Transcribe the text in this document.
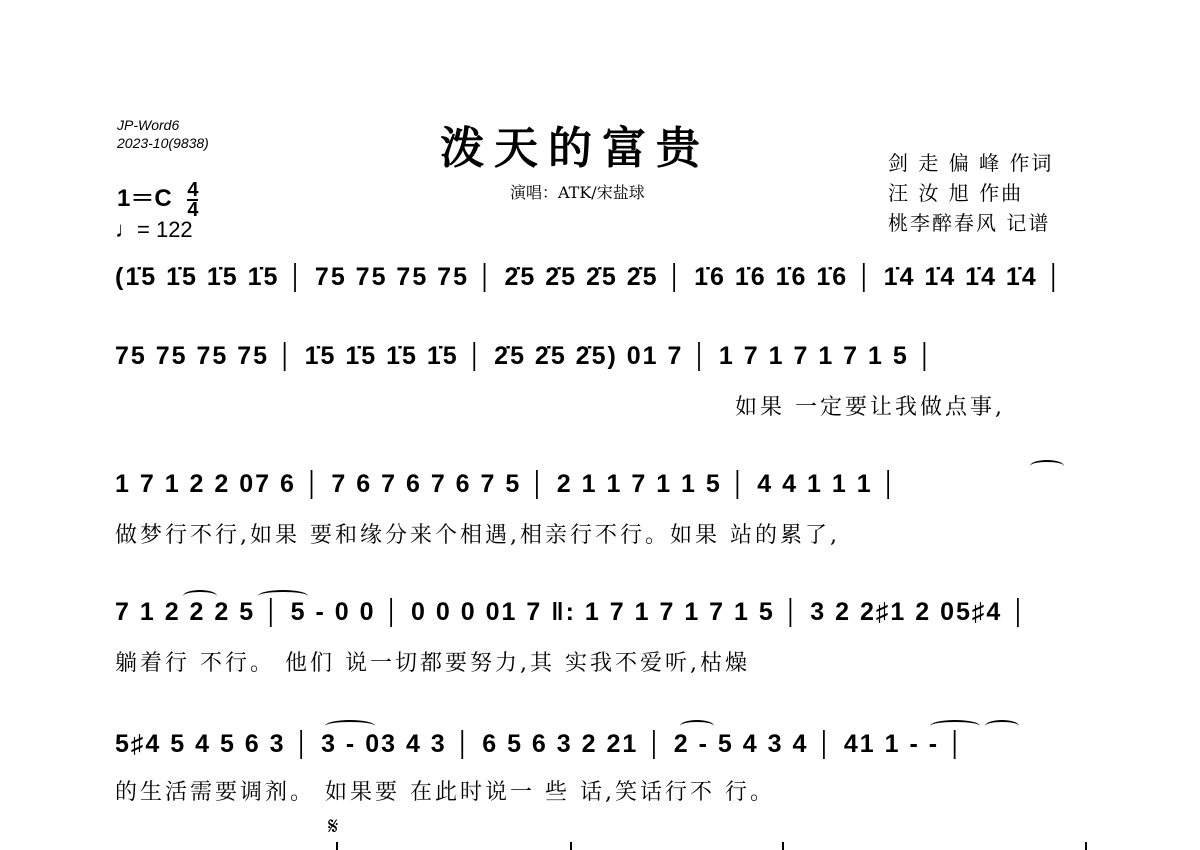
JP-Word6
2023-10(9838)	泼天的富贵
演唱：ATK/宋盐球
剑 走 偏 峰 作词
汪 汝 旭 作曲
桃李醉春风 记谱
$1=C \frac{4}{4}$
♩= 122
(1̇5 1̇5 1̇5 1̇5 │ 75 75 75 75 │ 2̇5 2̇5 2̇5 2̇5 │ 1̇6 1̇6 1̇6 1̇6 │ 1̇4 1̇4 1̇4 1̇4 │
75 75 75 75 │ 1̇5 1̇5 1̇5 1̇5 │ 2̇5 2̇5 2̇5) 01 7 │ 1 7 1 7 1 7 1 5 │
如果 一定要让我做点事,
1 7 1 2 2 07 6 │ 7 6 7 6 7 6 7 5 │ 2 1 1 7 1 1 5 │ 4 4 1 1 1 │
做梦行不行,如果 要和缘分来个相遇,相亲行不行。如果 站的累了,
7 1 2 2 2 5 │ 5 - 0 0 │ 0 0 0 01 7 ‖: 1 7 1 7 1 7 1 5 │ 3 2 2♯1 2 05♯4 │
躺着行 不行。 他们 说一切都要努力,其 实我不爱听,枯燥
5♯4 5 4 5 6 3 │ 3 - 03 4 3 │ 6 5 6 3 2 21 │ 2 - 5 4 3 4 │ 41 1 - - │
的生活需要调剂。 如果要 在此时说一 些 话,笑话行不 行。
𝄋
